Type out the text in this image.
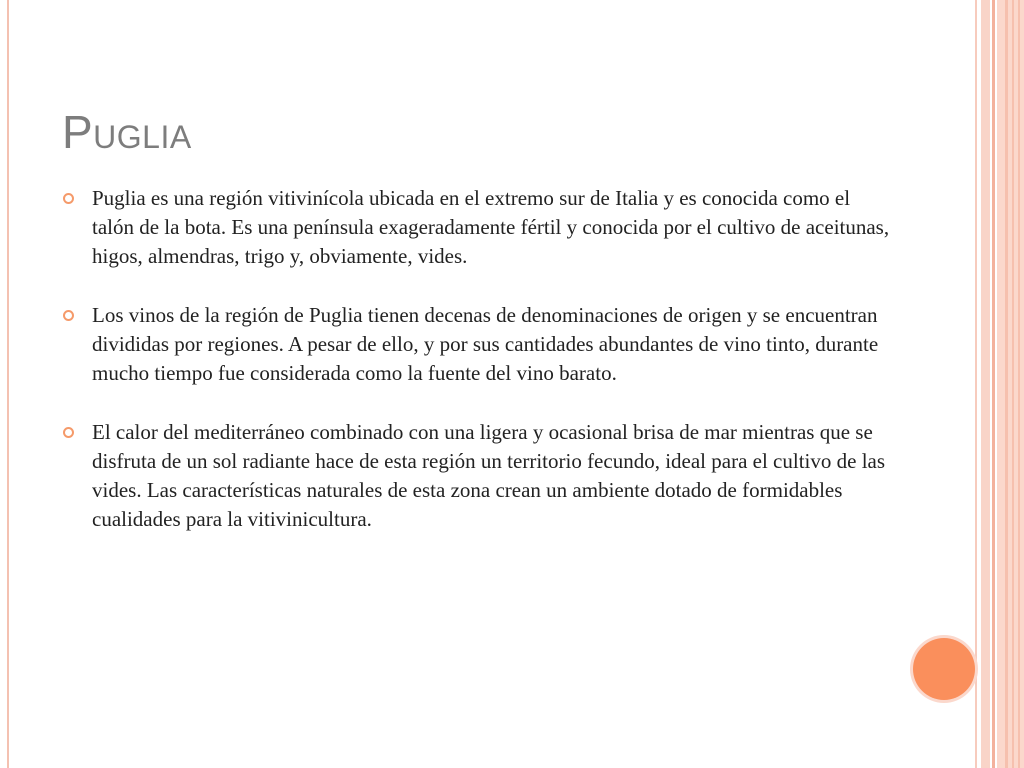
Puglia
Puglia es una región vitivinícola ubicada en el extremo sur de Italia y es conocida como el talón de la bota. Es una península exageradamente fértil y conocida por el cultivo de aceitunas, higos, almendras, trigo y, obviamente, vides.
Los vinos de la región de Puglia tienen decenas de denominaciones de origen y se encuentran divididas por regiones. A pesar de ello, y por sus cantidades abundantes de vino tinto, durante mucho tiempo fue considerada como la fuente del vino barato.
El calor del mediterráneo combinado con una ligera y ocasional brisa de mar mientras que se disfruta de un sol radiante hace de esta región un territorio fecundo, ideal para el cultivo de las vides. Las características naturales de esta zona crean un ambiente dotado de formidables cualidades para la vitivinicultura.
